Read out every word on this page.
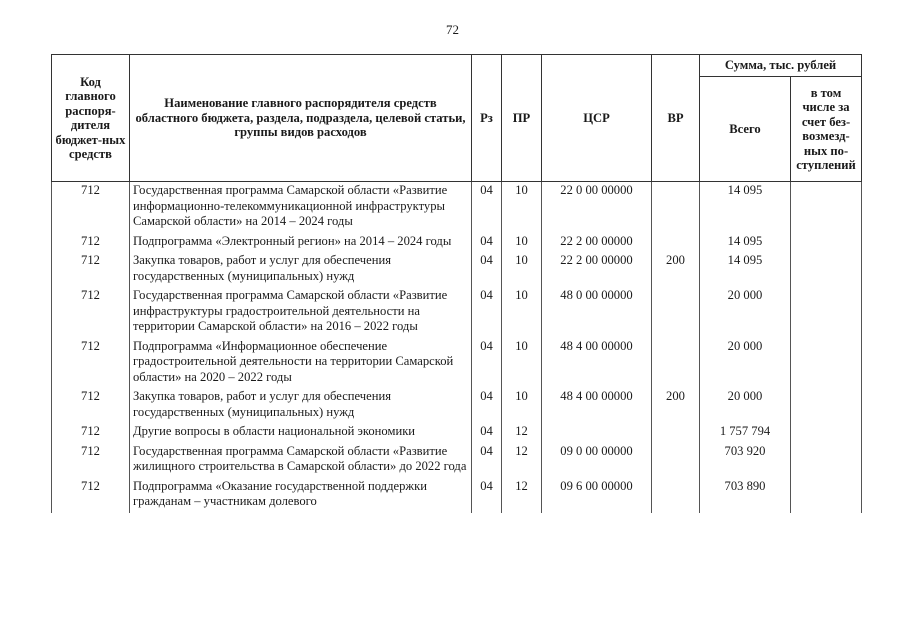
72
Код главного распоря-дителя бюджет-ных средств	Наименование главного распорядителя средств областного бюджета, раздела, подраздела, целевой статьи, группы видов расходов	Рз	ПР	ЦСР	ВР	Сумма, тыс. рублей	
						Всего	в том числе за счет без-возмезд-ных по-ступлений
712	Государственная программа Самарской области «Развитие информационно-телекоммуникационной инфраструктуры Самарской области» на 2014 – 2024 годы	04	10	22 0 00 00000		14 095	
712	Подпрограмма «Электронный регион» на 2014 – 2024 годы	04	10	22 2 00 00000		14 095	
712	Закупка товаров, работ и услуг для обеспечения государственных (муниципальных) нужд	04	10	22 2 00 00000	200	14 095	
712	Государственная программа Самарской области «Развитие инфраструктуры градостроительной деятельности на территории Самарской области» на 2016 – 2022 годы	04	10	48 0 00 00000		20 000	
712	Подпрограмма «Информационное обеспечение градостроительной деятельности на территории Самарской области» на 2020 – 2022 годы	04	10	48 4 00 00000		20 000	
712	Закупка товаров, работ и услуг для обеспечения государственных (муниципальных) нужд	04	10	48 4 00 00000	200	20 000	
712	Другие вопросы в области национальной экономики	04	12			1 757 794	
712	Государственная программа Самарской области «Развитие жилищного строительства в Самарской области» до 2022 года	04	12	09 0 00 00000		703 920	
712	Подпрограмма «Оказание государственной поддержки гражданам – участникам долевого	04	12	09 6 00 00000		703 890	
